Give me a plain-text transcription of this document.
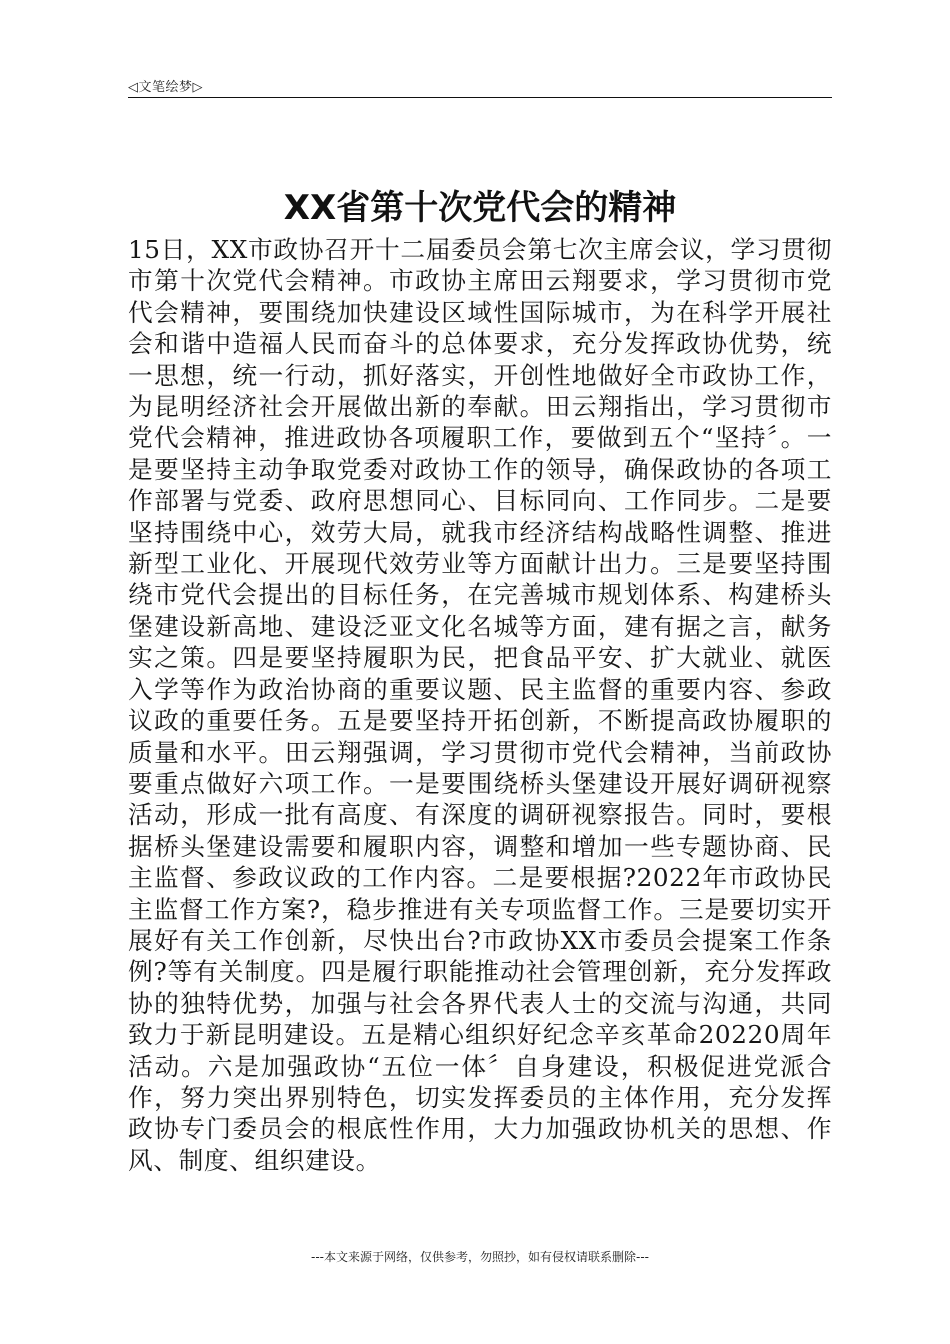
◁文笔绘梦▷
XX省第十次党代会的精神
15日，XX市政协召开十二届委员会第七次主席会议，学习贯彻市第十次党代会精神。市政协主席田云翔要求，学习贯彻市党代会精神，要围绕加快建设区域性国际城市，为在科学开展社会和谐中造福人民而奋斗的总体要求，充分发挥政协优势，统一思想，统一行动，抓好落实，开创性地做好全市政协工作，为昆明经济社会开展做出新的奉献。田云翔指出，学习贯彻市党代会精神，推进政协各项履职工作，要做到五个“坚持〞。一是要坚持主动争取党委对政协工作的领导，确保政协的各项工作部署与党委、政府思想同心、目标同向、工作同步。二是要坚持围绕中心，效劳大局，就我市经济结构战略性调整、推进新型工业化、开展现代效劳业等方面献计出力。三是要坚持围绕市党代会提出的目标任务，在完善城市规划体系、构建桥头堡建设新高地、建设泛亚文化名城等方面，建有据之言，献务实之策。四是要坚持履职为民，把食品平安、扩大就业、就医入学等作为政治协商的重要议题、民主监督的重要内容、参政议政的重要任务。五是要坚持开拓创新，不断提高政协履职的质量和水平。田云翔强调，学习贯彻市党代会精神，当前政协要重点做好六项工作。一是要围绕桥头堡建设开展好调研视察活动，形成一批有高度、有深度的调研视察报告。同时，要根据桥头堡建设需要和履职内容，调整和增加一些专题协商、民主监督、参政议政的工作内容。二是要根据?2022年市政协民主监督工作方案?，稳步推进有关专项监督工作。三是要切实开展好有关工作创新，尽快出台?市政协XX市委员会提案工作条例?等有关制度。四是履行职能推动社会管理创新，充分发挥政协的独特优势，加强与社会各界代表人士的交流与沟通，共同致力于新昆明建设。五是精心组织好纪念辛亥革命20220周年活动。六是加强政协“五位一体〞自身建设，积极促进党派合作，努力突出界别特色，切实发挥委员的主体作用，充分发挥政协专门委员会的根底性作用，大力加强政协机关的思想、作风、制度、组织建设。
---本文来源于网络，仅供参考，勿照抄，如有侵权请联系删除---
